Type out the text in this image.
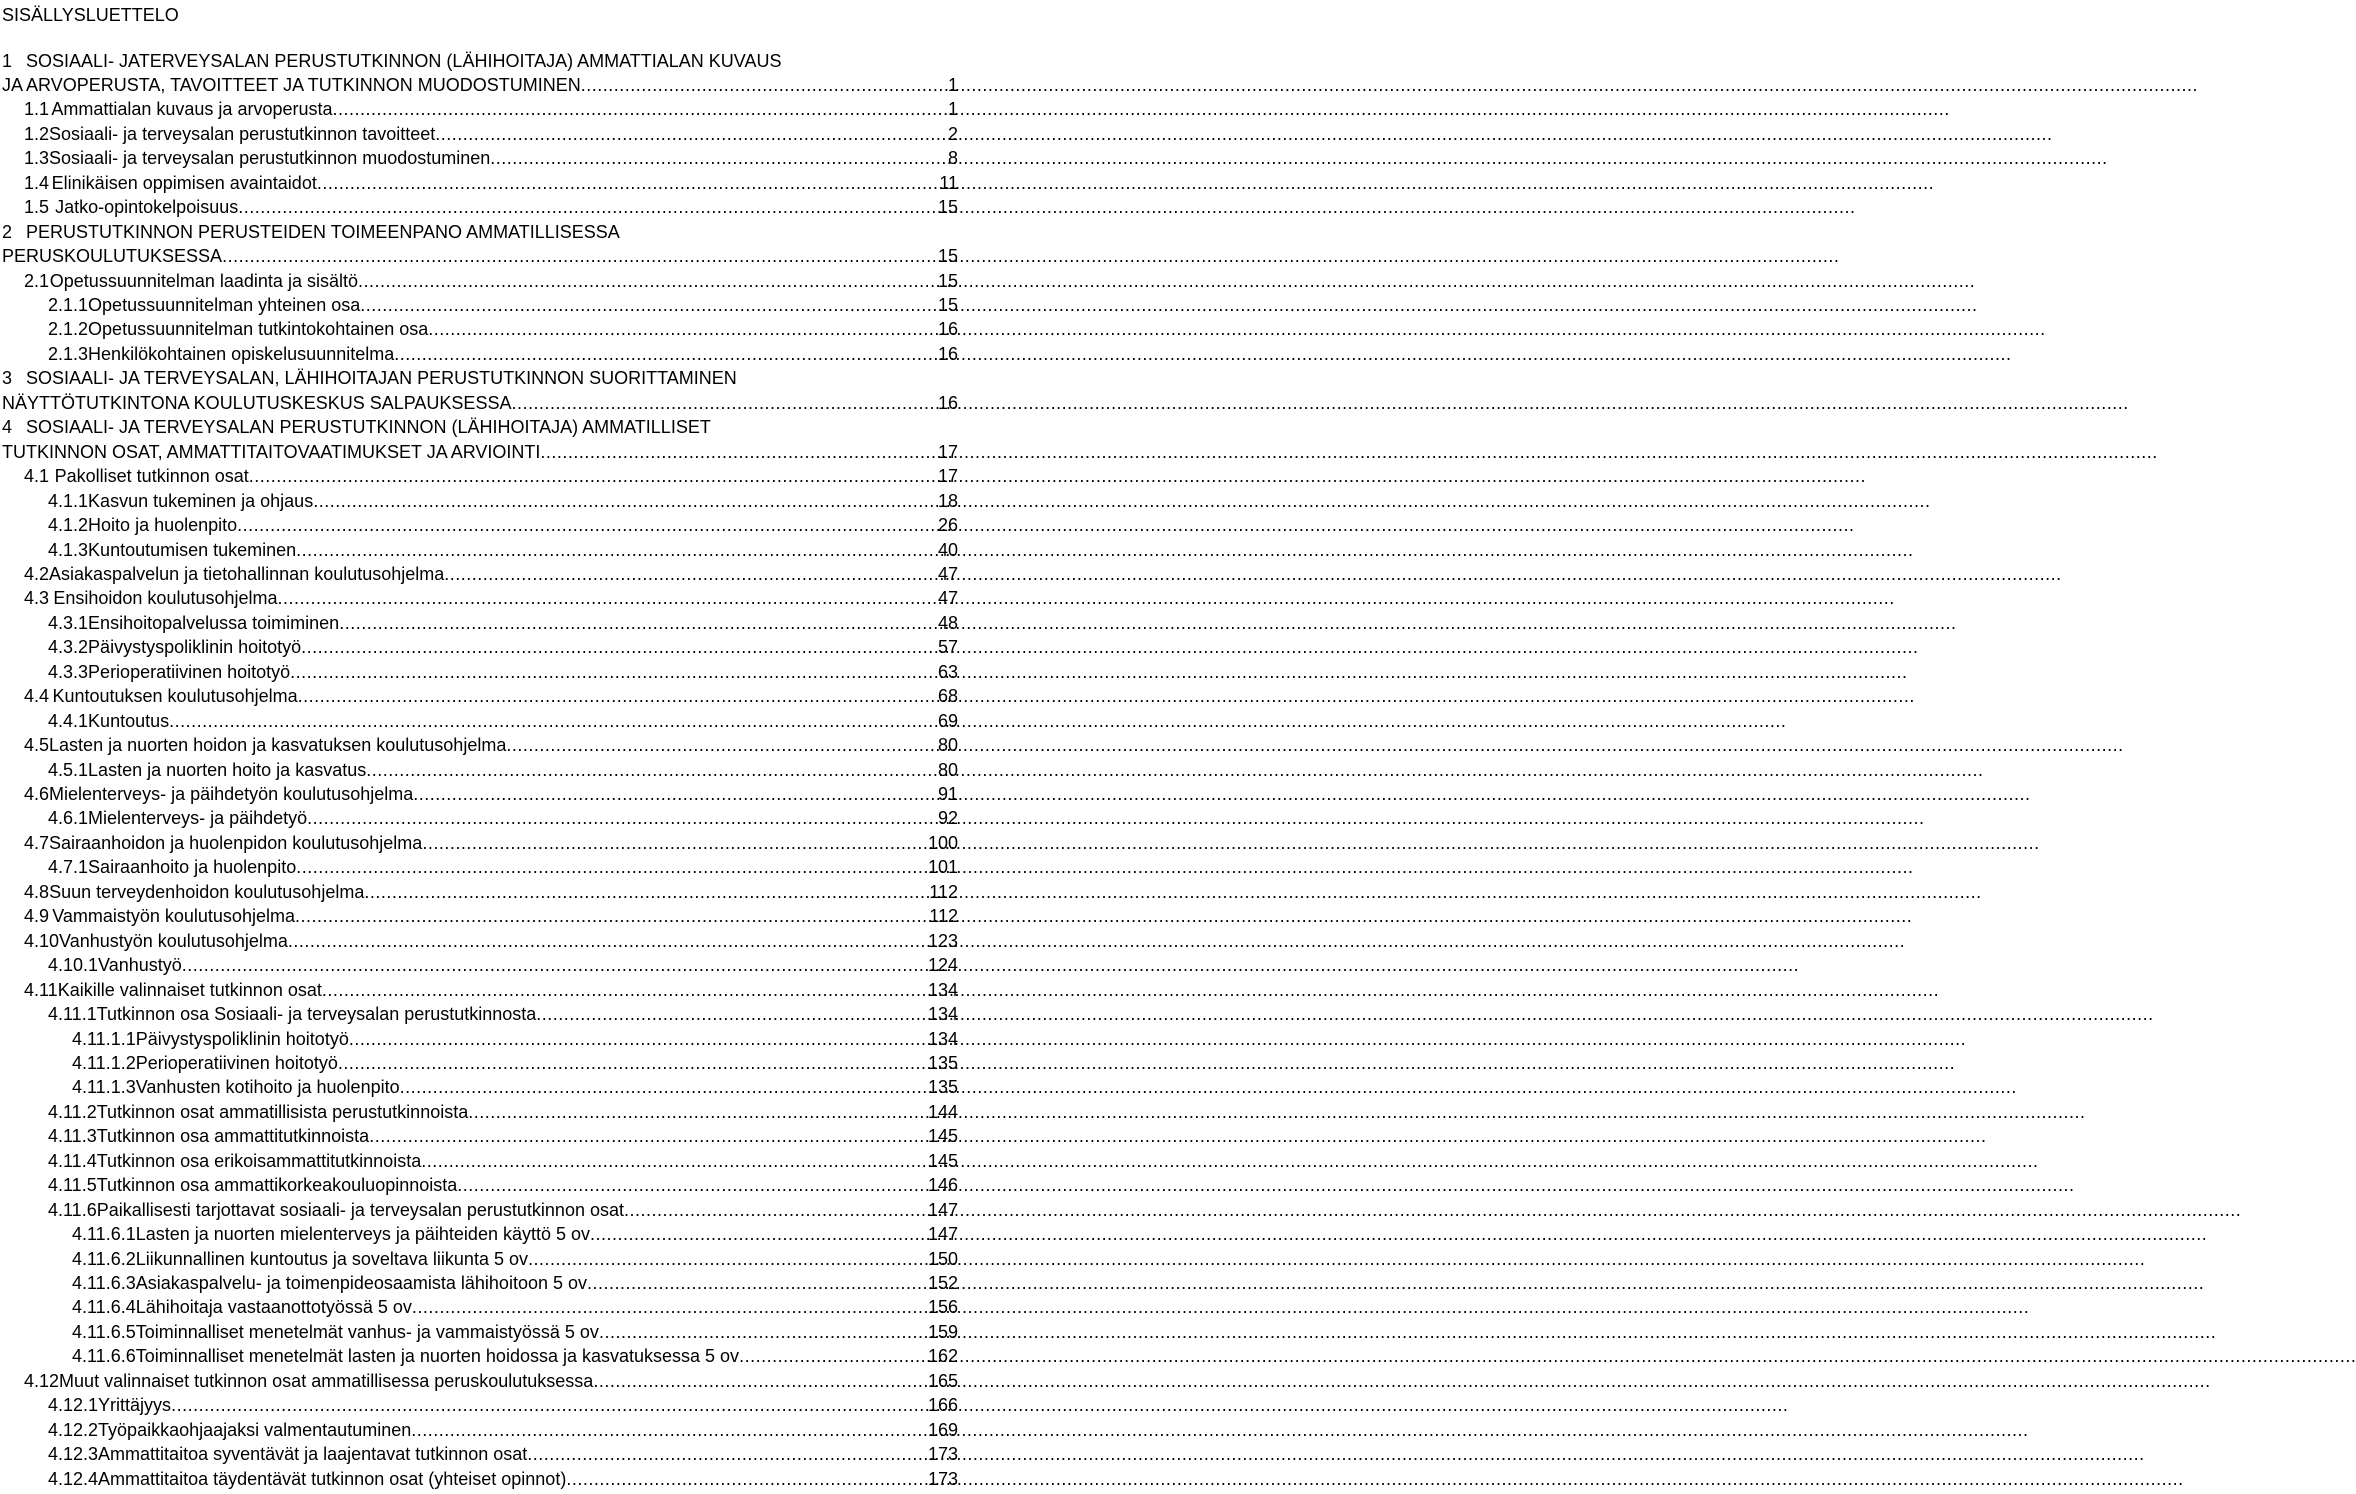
SISÄLLYSLUETTELO
1 SOSIAALI- JATERVEYSALAN PERUSTUTKINNON (LÄHIHOITAJA) AMMATTIALAN KUVAUS
JA ARVOPERUSTA, TAVOITTEET JA TUTKINNON MUODOSTUMINEN .....	1
1.1 Ammattialan kuvaus ja arvoperusta .....	1
1.2 Sosiaali- ja terveysalan perustutkinnon tavoitteet .....	2
1.3 Sosiaali- ja terveysalan perustutkinnon muodostuminen .....	8
1.4 Elinikäisen oppimisen avaintaidot .....	11
1.5 Jatko-opintokelpoisuus .....	15
2 PERUSTUTKINNON PERUSTEIDEN TOIMEENPANO AMMATILLISESSA
PERUSKOULUTUKSESSA .....	15
2.1 Opetussuunnitelman laadinta ja sisältö .....	15
2.1.1 Opetussuunnitelman yhteinen osa .....	15
2.1.2 Opetussuunnitelman tutkintokohtainen osa .....	16
2.1.3 Henkilökohtainen opiskelusuunnitelma .....	16
3 SOSIAALI- JA TERVEYSALAN, LÄHIHOITAJAN PERUSTUTKINNON SUORITTAMINEN
NÄYTTÖTUTKINTONA KOULUTUSKESKUS SALPAUKSESSA .....	16
4 SOSIAALI- JA TERVEYSALAN PERUSTUTKINNON (LÄHIHOITAJA) AMMATILLISET
TUTKINNON OSAT, AMMATTITAITOVAATIMUKSET JA ARVIOINTI .....	17
4.1 Pakolliset tutkinnon osat .....	17
4.1.1 Kasvun tukeminen ja ohjaus .....	18
4.1.2 Hoito ja huolenpito .....	26
4.1.3 Kuntoutumisen tukeminen .....	40
4.2 Asiakaspalvelun ja tietohallinnan koulutusohjelma .....	47
4.3 Ensihoidon koulutusohjelma .....	47
4.3.1 Ensihoitopalvelussa toimiminen .....	48
4.3.2 Päivystyspoliklinin hoitotyö .....	57
4.3.3 Perioperatiivinen hoitotyö .....	63
4.4 Kuntoutuksen koulutusohjelma .....	68
4.4.1 Kuntoutus .....	69
4.5 Lasten ja nuorten hoidon ja kasvatuksen koulutusohjelma .....	80
4.5.1 Lasten ja nuorten hoito ja kasvatus .....	80
4.6 Mielenterveys- ja päihdetyön koulutusohjelma .....	91
4.6.1 Mielenterveys- ja päihdetyö .....	92
4.7 Sairaanhoidon ja huolenpidon koulutusohjelma .....	100
4.7.1 Sairaanhoito ja huolenpito .....	101
4.8 Suun terveydenhoidon koulutusohjelma .....	112
4.9 Vammaistyön koulutusohjelma .....	112
4.10 Vanhustyön koulutusohjelma .....	123
4.10.1 Vanhustyö .....	124
4.11 Kaikille valinnaiset tutkinnon osat .....	134
4.11.1 Tutkinnon osa Sosiaali- ja terveysalan perustutkinnosta .....	134
4.11.1.1 Päivystyspoliklinin hoitotyö .....	134
4.11.1.2 Perioperatiivinen hoitotyö .....	135
4.11.1.3 Vanhusten kotihoito ja huolenpito .....	135
4.11.2 Tutkinnon osat ammatillisista perustutkinnoista .....	144
4.11.3 Tutkinnon osa ammattitutkinnoista .....	145
4.11.4 Tutkinnon osa erikoisammattitutkinnoista .....	145
4.11.5 Tutkinnon osa ammattikorkeakouluopinnoista .....	146
4.11.6 Paikallisesti tarjottavat sosiaali- ja terveysalan perustutkinnon osat .....	147
4.11.6.1 Lasten ja nuorten mielenterveys ja päihteiden käyttö 5 ov .....	147
4.11.6.2 Liikunnallinen kuntoutus ja soveltava liikunta 5 ov .....	150
4.11.6.3 Asiakaspalvelu- ja toimenpideosaamista lähihoitoon 5 ov .....	152
4.11.6.4 Lähihoitaja vastaanottotyössä 5 ov .....	156
4.11.6.5 Toiminnalliset menetelmät vanhus- ja vammaistyössä 5 ov .....	159
4.11.6.6 Toiminnalliset menetelmät lasten ja nuorten hoidossa ja kasvatuksessa 5 ov .....	162
4.12 Muut valinnaiset tutkinnon osat ammatillisessa peruskoulutuksessa .....	165
4.12.1 Yrittäjyys .....	166
4.12.2 Työpaikkaohjaajaksi valmentautuminen .....	169
4.12.3 Ammattitaitoa syventävät ja laajentavat tutkinnon osat .....	173
4.12.4 Ammattitaitoa täydentävät tutkinnon osat (yhteiset opinnot) .....	173
